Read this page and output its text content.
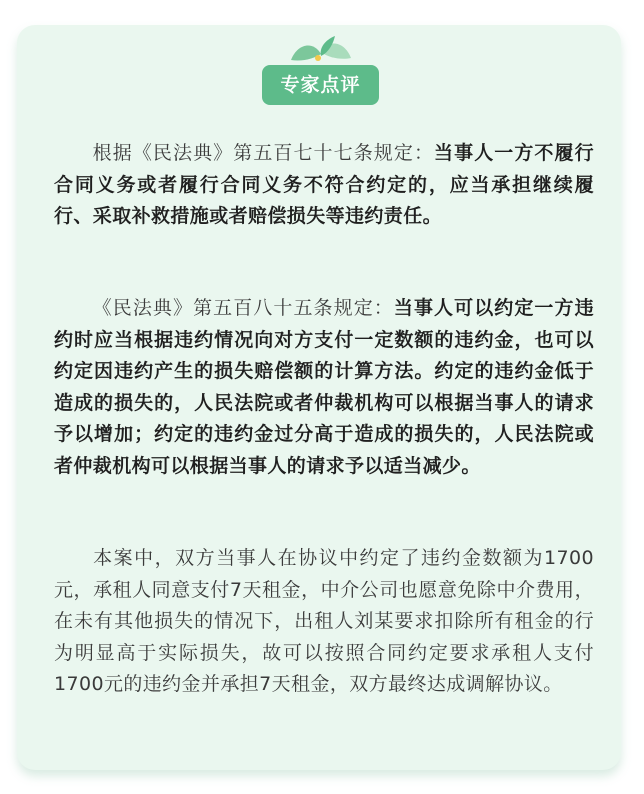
专家点评

根据《民法典》第五百七十七条规定：当事人一方不履行合同义务或者履行合同义务不符合约定的，应当承担继续履行、采取补救措施或者赔偿损失等违约责任。

《民法典》第五百八十五条规定：当事人可以约定一方违约时应当根据违约情况向对方支付一定数额的违约金，也可以约定因违约产生的损失赔偿额的计算方法。约定的违约金低于造成的损失的，人民法院或者仲裁机构可以根据当事人的请求予以增加；约定的违约金过分高于造成的损失的，人民法院或者仲裁机构可以根据当事人的请求予以适当减少。

本案中，双方当事人在协议中约定了违约金数额为1700元，承租人同意支付7天租金，中介公司也愿意免除中介费用，在未有其他损失的情况下，出租人刘某要求扣除所有租金的行为明显高于实际损失，故可以按照合同约定要求承租人支付1700元的违约金并承担7天租金，双方最终达成调解协议。
